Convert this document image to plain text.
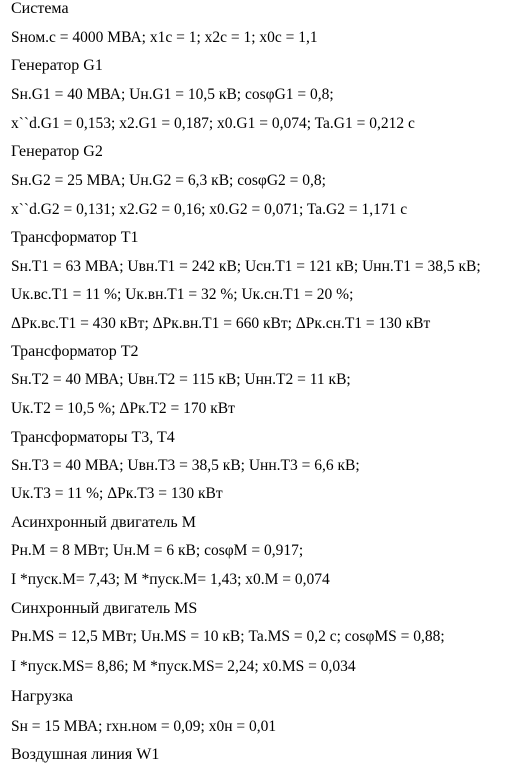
Система
Sном.с = 4000 МВА; x1с = 1; x2с = 1; x0с = 1,1
Генератор G1
Sн.G1 = 40 МВА; Uн.G1 = 10,5 кВ; cosφG1 = 0,8;
x``d.G1 = 0,153; x2.G1 = 0,187; x0.G1 = 0,074; Ta.G1 = 0,212 с
Генератор G2
Sн.G2 = 25 МВА; Uн.G2 = 6,3 кВ; cosφG2 = 0,8;
x``d.G2 = 0,131; x2.G2 = 0,16; x0.G2 = 0,071; Ta.G2 = 1,171 с
Трансформатор T1
Sн.T1 = 63 МВА; Uвн.T1 = 242 кВ; Uсн.T1 = 121 кВ; Uнн.T1 = 38,5 кВ;
Uк.вс.T1 = 11 %; Uк.вн.T1 = 32 %; Uк.сн.T1 = 20 %;
ΔPк.вс.T1 = 430 кВт; ΔPк.вн.T1 = 660 кВт; ΔPк.сн.T1 = 130 кВт
Трансформатор T2
Sн.T2 = 40 МВА; Uвн.T2 = 115 кВ; Uнн.T2 = 11 кВ;
Uк.T2 = 10,5 %; ΔPк.T2 = 170 кВт
Трансформаторы T3, T4
Sн.T3 = 40 МВА; Uвн.T3 = 38,5 кВ; Uнн.T3 = 6,6 кВ;
Uк.T3 = 11 %; ΔPк.T3 = 130 кВт
Асинхронный двигатель M
Pн.M = 8 МВт; Uн.M = 6 кВ; cosφM = 0,917;
I *пуск.M= 7,43; M *пуск.M= 1,43; x0.M = 0,074
Синхронный двигатель MS
Pн.MS = 12,5 МВт; Uн.MS = 10 кВ; Ta.MS = 0,2 с; cosφMS = 0,88;
I *пуск.MS= 8,86; M *пуск.MS= 2,24; x0.MS = 0,034
Нагрузка
Sн = 15 МВА; rхн.ном = 0,09; x0н = 0,01
Воздушная линия W1
